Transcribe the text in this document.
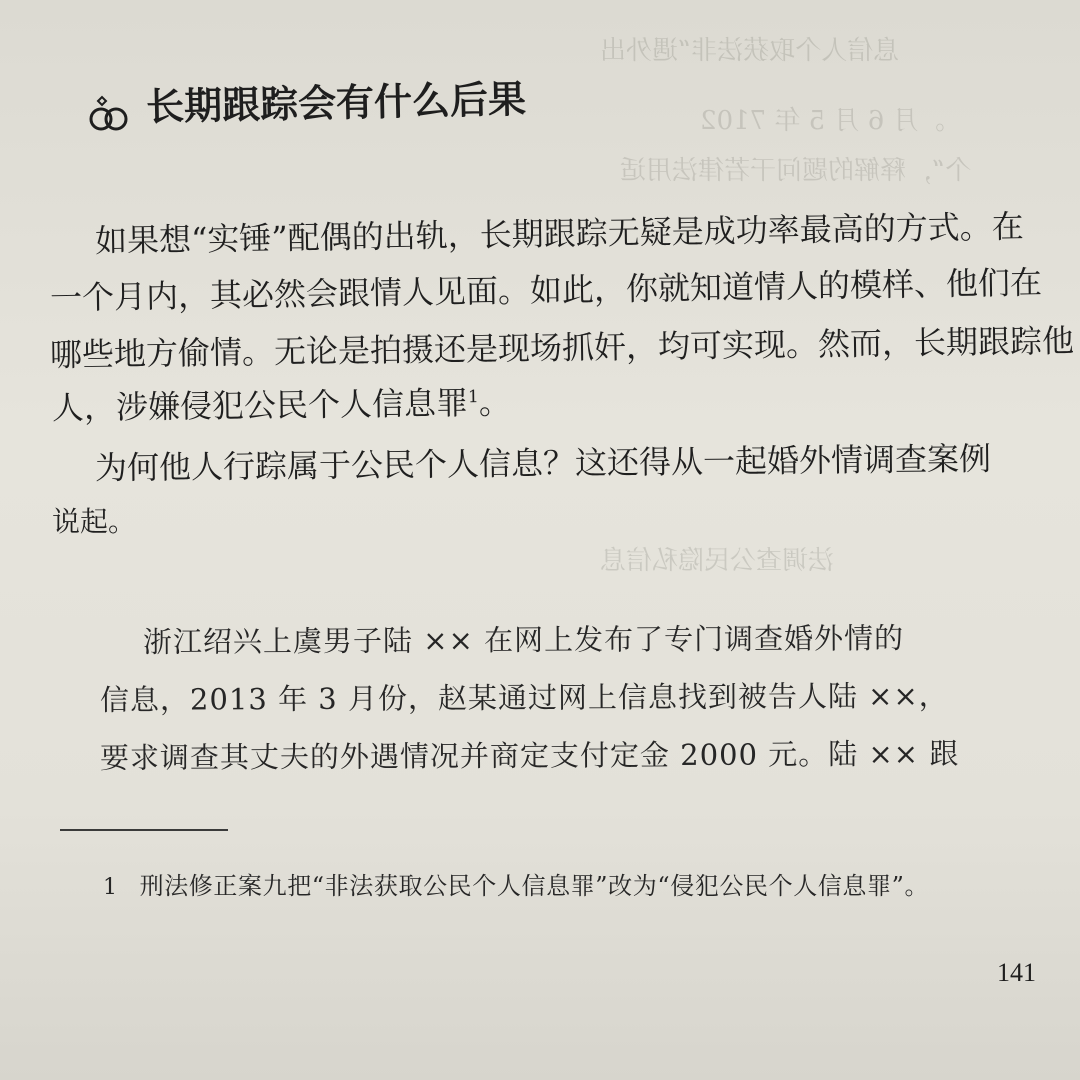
息信人个取获法非“遇外出
。月 6 月 5 年 7102
个“，释解的题问干若律法用适
法调查公民隐私信息
长期跟踪会有什么后果
如果想“实锤”配偶的出轨，长期跟踪无疑是成功率最高的方式。在
一个月内，其必然会跟情人见面。如此，你就知道情人的模样、他们在
哪些地方偷情。无论是拍摄还是现场抓奸，均可实现。然而，长期跟踪他
人，涉嫌侵犯公民个人信息罪$^1$。
为何他人行踪属于公民个人信息？这还得从一起婚外情调查案例
说起。
浙江绍兴上虞男子陆 ×× 在网上发布了专门调查婚外情的
信息，2013 年 3 月份，赵某通过网上信息找到被告人陆 ××，
要求调查其丈夫的外遇情况并商定支付定金 2000 元。陆 ×× 跟
1 刑法修正案九把“非法获取公民个人信息罪”改为“侵犯公民个人信息罪”。
141
